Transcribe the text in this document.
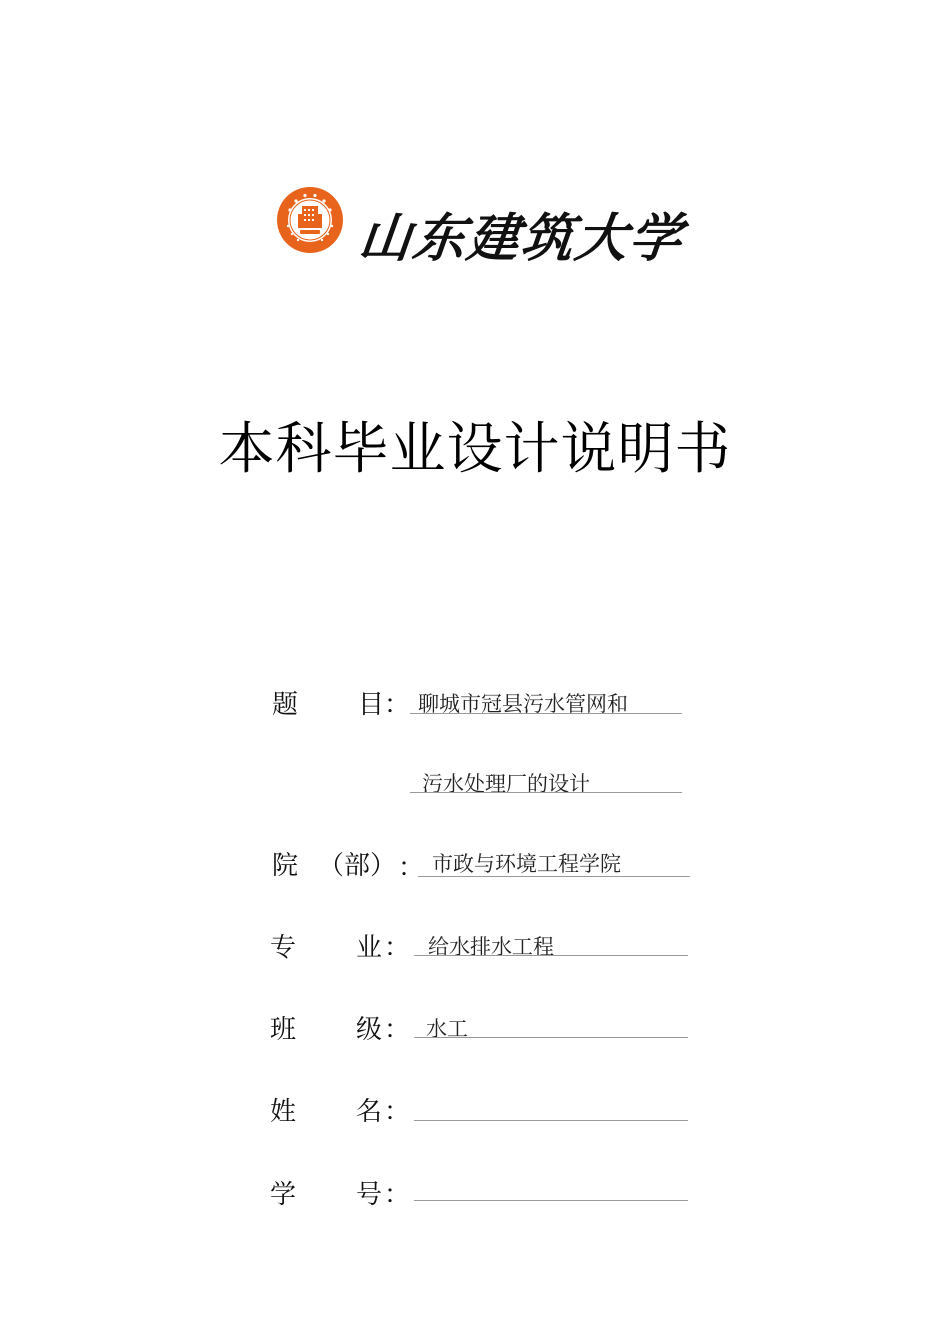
山东建筑大学
本科毕业设计说明书
题 目 ： 聊城市冠县污水管网和
污水处理厂的设计
院 （部） ： 市政与环境工程学院
专 业 ： 给水排水工程
班 级 ： 水工
姓 名 ：
学 号 ：
